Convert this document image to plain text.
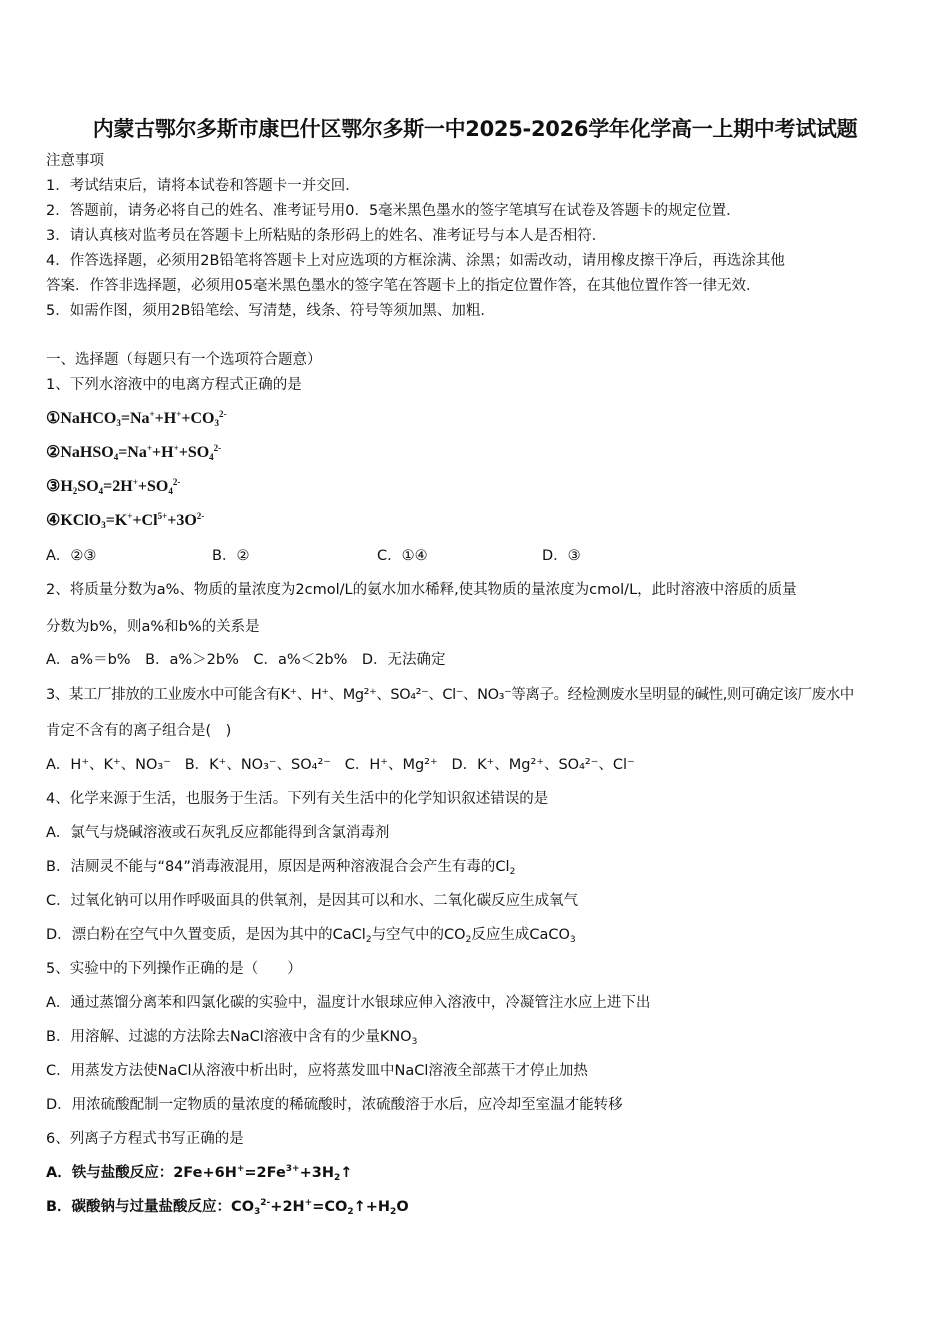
内蒙古鄂尔多斯市康巴什区鄂尔多斯一中2025-2026学年化学高一上期中考试试题
注意事项
1．考试结束后，请将本试卷和答题卡一并交回．
2．答题前，请务必将自己的姓名、准考证号用0．5毫米黑色墨水的签字笔填写在试卷及答题卡的规定位置．
3．请认真核对监考员在答题卡上所粘贴的条形码上的姓名、准考证号与本人是否相符．
4．作答选择题，必须用2B铅笔将答题卡上对应选项的方框涂满、涂黑；如需改动，请用橡皮擦干净后，再选涂其他
答案．作答非选择题，必须用05毫米黑色墨水的签字笔在答题卡上的指定位置作答，在其他位置作答一律无效．
5．如需作图，须用2B铅笔绘、写清楚，线条、符号等须加黑、加粗．
一、选择题（每题只有一个选项符合题意）
1、下列水溶液中的电离方程式正确的是
$①NaHCO_3=Na^++H^++CO_3^{2-}$
$②NaHSO_4=Na^++H^++SO_4^{2-}$
$③H_2SO_4=2H^++SO_4^{2-}$
$④KClO_3=K^++Cl^{5+}+3O^{2-}$
A．②③	B．②	C．①④	D．③
2、将质量分数为a%、物质的量浓度为2cmol/L的氨水加水稀释,使其物质的量浓度为cmol/L，此时溶液中溶质的质量
分数为b%，则a%和b%的关系是
A．a%＝b%　B．a%＞2b%　C．a%＜2b%　D．无法确定
3、某工厂排放的工业废水中可能含有K⁺、H⁺、Mg²⁺、SO₄²⁻、Cl⁻、NO₃⁻等离子。经检测废水呈明显的碱性,则可确定该厂废水中
肯定不含有的离子组合是(　)
A．H⁺、K⁺、NO₃⁻ B．K⁺、NO₃⁻、SO₄²⁻ C．H⁺、Mg²⁺ D．K⁺、Mg²⁺、SO₄²⁻、Cl⁻
4、化学来源于生活，也服务于生活。下列有关生活中的化学知识叙述错误的是
A．氯气与烧碱溶液或石灰乳反应都能得到含氯消毒剂
B．洁厕灵不能与“84”消毒液混用，原因是两种溶液混合会产生有毒的$Cl_2$
C．过氧化钠可以用作呼吸面具的供氧剂，是因其可以和水、二氧化碳反应生成氧气
D．漂白粉在空气中久置变质，是因为其中的CaCl$_2$与空气中的$CO_2$反应生成CaCO$_3$
5、实验中的下列操作正确的是（　　）
A．通过蒸馏分离苯和四氯化碳的实验中，温度计水银球应伸入溶液中，冷凝管注水应上进下出
B．用溶解、过滤的方法除去NaCl溶液中含有的少量$KNO_3$
C．用蒸发方法使NaCl从溶液中析出时，应将蒸发皿中NaCl溶液全部蒸干才停止加热
D．用浓硫酸配制一定物质的量浓度的稀硫酸时，浓硫酸溶于水后，应冷却至室温才能转移
6、列离子方程式书写正确的是
A．铁与盐酸反应：$2Fe+6H^+=2Fe^{3+}+3H_2↑$
B．碳酸钠与过量盐酸反应：$CO_3^{2-}+2H^+=CO_2↑+H_2O$
